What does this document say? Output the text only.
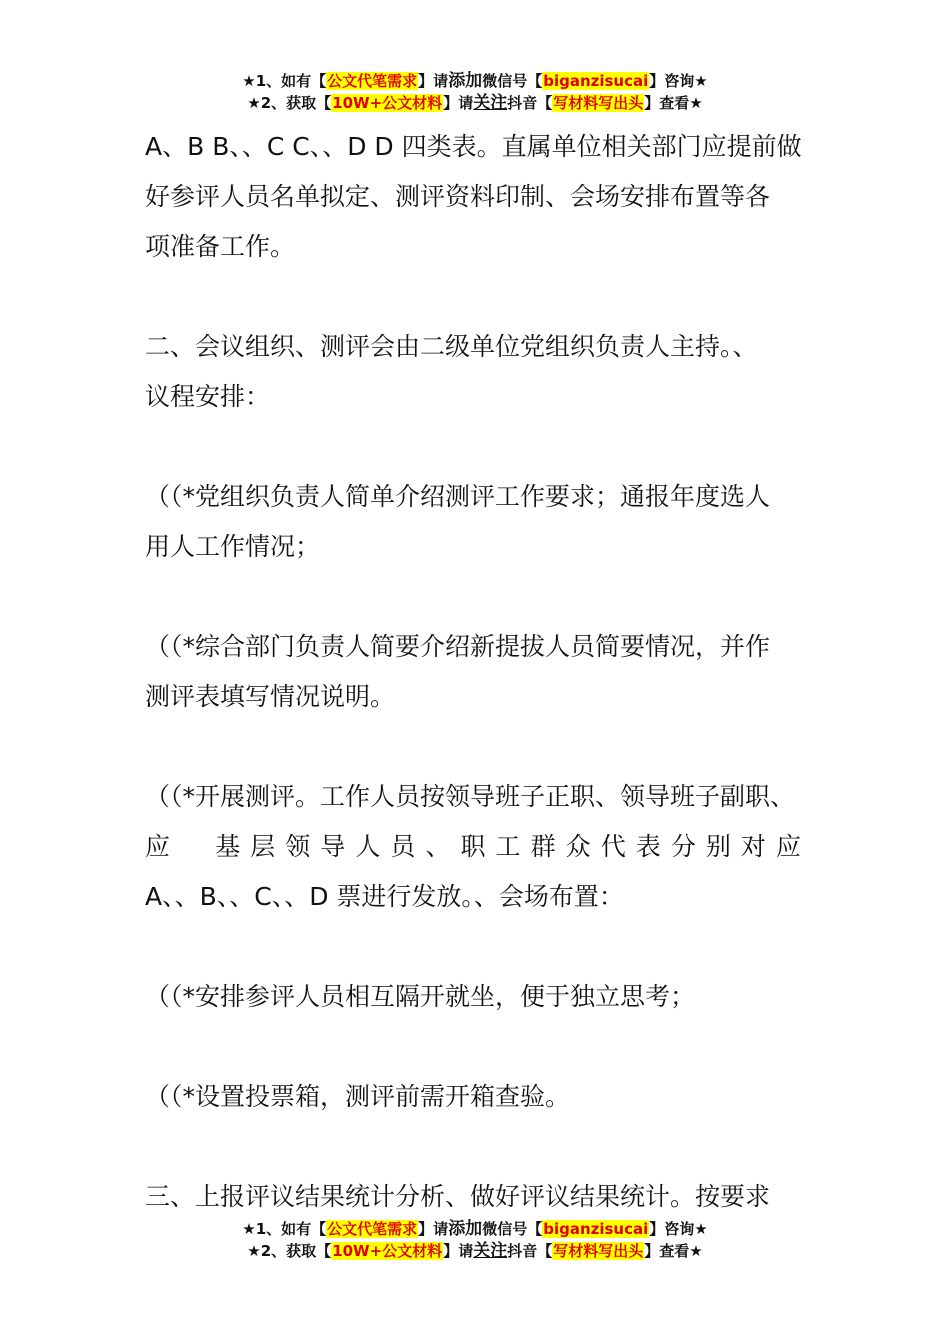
★1、如有【公文代笔需求】请添加微信号【biganzisucai】咨询★
★2、获取【10W+公文材料】请关注抖音【写材料写出头】查看★

A、B B、、C C、、D D 四类表。直属单位相关部门应提前做

好参评人员名单拟定、测评资料印制、会场安排布置等各

项准备工作。

二、会议组织、测评会由二级单位党组织负责人主持。、

议程安排：

（（*党组织负责人简单介绍测评工作要求；通报年度选人

用人工作情况；

（（*综合部门负责人简要介绍新提拔人员简要情况，并作

测评表填写情况说明。

（（*开展测评。工作人员按领导班子正职、领导班子副职、

应　基层领导人员、职工群众代表分别对应

A、、B、、C、、D 票进行发放。、会场布置：

（（*安排参评人员相互隔开就坐，便于独立思考；

（（*设置投票箱，测评前需开箱查验。

三、上报评议结果统计分析、做好评议结果统计。按要求

★1、如有【公文代笔需求】请添加微信号【biganzisucai】咨询★
★2、获取【10W+公文材料】请关注抖音【写材料写出头】查看★
